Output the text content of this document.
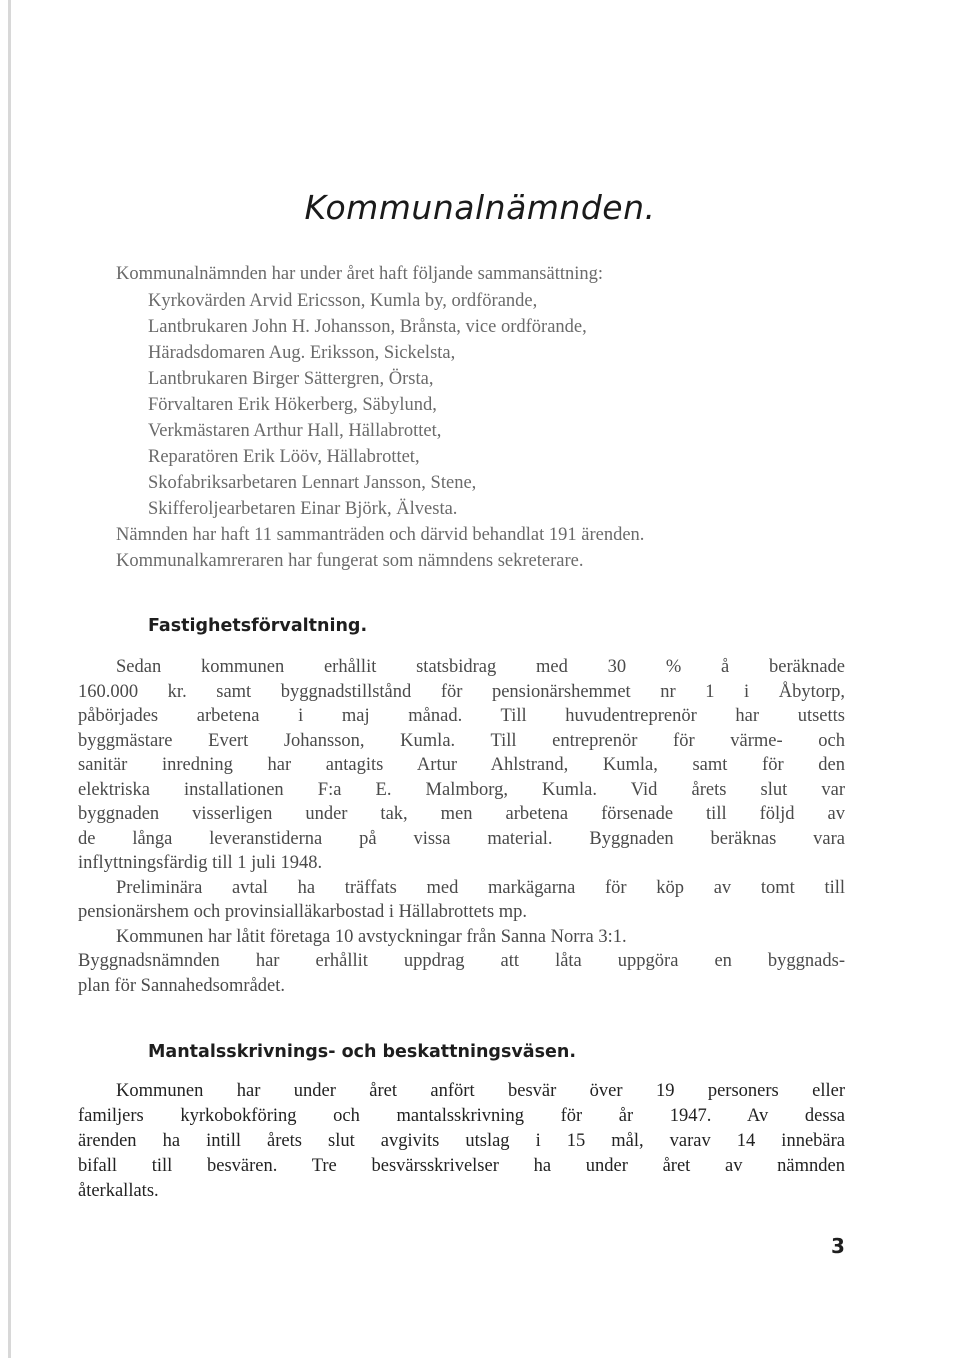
Kommunalnämnden.
Kommunalnämnden har under året haft följande sammansättning:
Kyrkovärden Arvid Ericsson, Kumla by, ordförande,
Lantbrukaren John H. Johansson, Brånsta, vice ordförande,
Häradsdomaren Aug. Eriksson, Sickelsta,
Lantbrukaren Birger Sättergren, Örsta,
Förvaltaren Erik Hökerberg, Säbylund,
Verkmästaren Arthur Hall, Hällabrottet,
Reparatören Erik Lööv, Hällabrottet,
Skofabriksarbetaren Lennart Jansson, Stene,
Skifferoljearbetaren Einar Björk, Älvesta.
Nämnden har haft 11 sammanträden och därvid behandlat 191 ärenden.
Kommunalkamreraren har fungerat som nämndens sekreterare.
Fastighetsförvaltning.
Sedan kommunen erhållit statsbidrag med 30 % å beräknade
160.000 kr. samt byggnadstillstånd för pensionärshemmet nr 1 i Åbytorp,
påbörjades arbetena i maj månad. Till huvudentreprenör har utsetts
byggmästare Evert Johansson, Kumla. Till entreprenör för värme- och
sanitär inredning har antagits Artur Ahlstrand, Kumla, samt för den
elektriska installationen F:a E. Malmborg, Kumla. Vid årets slut var
byggnaden visserligen under tak, men arbetena försenade till följd av
de långa leveranstiderna på vissa material. Byggnaden beräknas vara
inflyttningsfärdig till 1 juli 1948.
Preliminära avtal ha träffats med markägarna för köp av tomt till
pensionärshem och provinsialläkarbostad i Hällabrottets mp.
Kommunen har låtit företaga 10 avstyckningar från Sanna Norra 3:1.
Byggnadsnämnden har erhållit uppdrag att låta uppgöra en byggnads-
plan för Sannahedsområdet.
Mantalsskrivnings- och beskattningsväsen.
Kommunen har under året anfört besvär över 19 personers eller
familjers kyrkobokföring och mantalsskrivning för år 1947. Av dessa
ärenden ha intill årets slut avgivits utslag i 15 mål, varav 14 innebära
bifall till besvären. Tre besvärsskrivelser ha under året av nämnden
återkallats.
3
